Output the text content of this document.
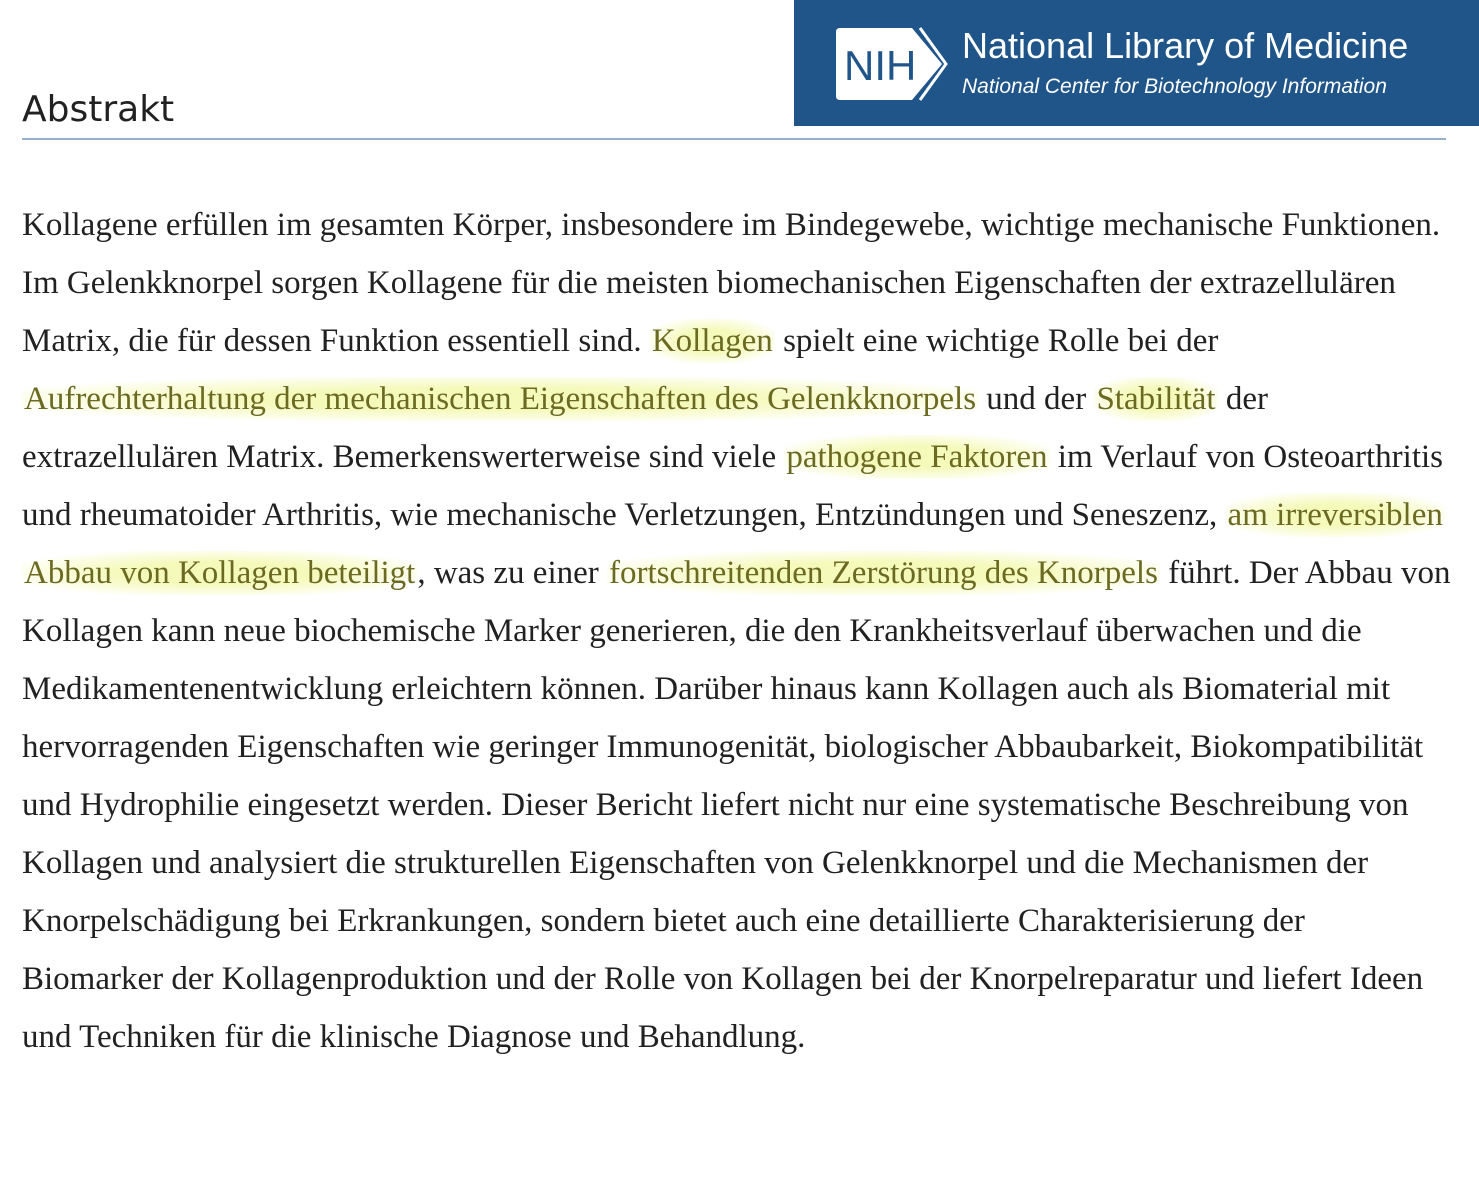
NIH National Library of Medicine
National Center for Biotechnology Information
Abstrakt

Kollagene erfüllen im gesamten Körper, insbesondere im Bindegewebe, wichtige mechanische Funktionen. Im Gelenkknorpel sorgen Kollagene für die meisten biomechanischen Eigenschaften der extrazellulären Matrix, die für dessen Funktion essentiell sind. Kollagen spielt eine wichtige Rolle bei der Aufrechterhaltung der mechanischen Eigenschaften des Gelenkknorpels und der Stabilität der extrazellulären Matrix. Bemerkenswerterweise sind viele pathogene Faktoren im Verlauf von Osteoarthritis und rheumatoider Arthritis, wie mechanische Verletzungen, Entzündungen und Seneszenz, am irreversiblen Abbau von Kollagen beteiligt, was zu einer fortschreitenden Zerstörung des Knorpels führt. Der Abbau von Kollagen kann neue biochemische Marker generieren, die den Krankheitsverlauf überwachen und die Medikamentenentwicklung erleichtern können. Darüber hinaus kann Kollagen auch als Biomaterial mit hervorragenden Eigenschaften wie geringer Immunogenität, biologischer Abbaubarkeit, Biokompatibilität und Hydrophilie eingesetzt werden. Dieser Bericht liefert nicht nur eine systematische Beschreibung von Kollagen und analysiert die strukturellen Eigenschaften von Gelenkknorpel und die Mechanismen der Knorpelschädigung bei Erkrankungen, sondern bietet auch eine detaillierte Charakterisierung der Biomarker der Kollagenproduktion und der Rolle von Kollagen bei der Knorpelreparatur und liefert Ideen und Techniken für die klinische Diagnose und Behandlung.
